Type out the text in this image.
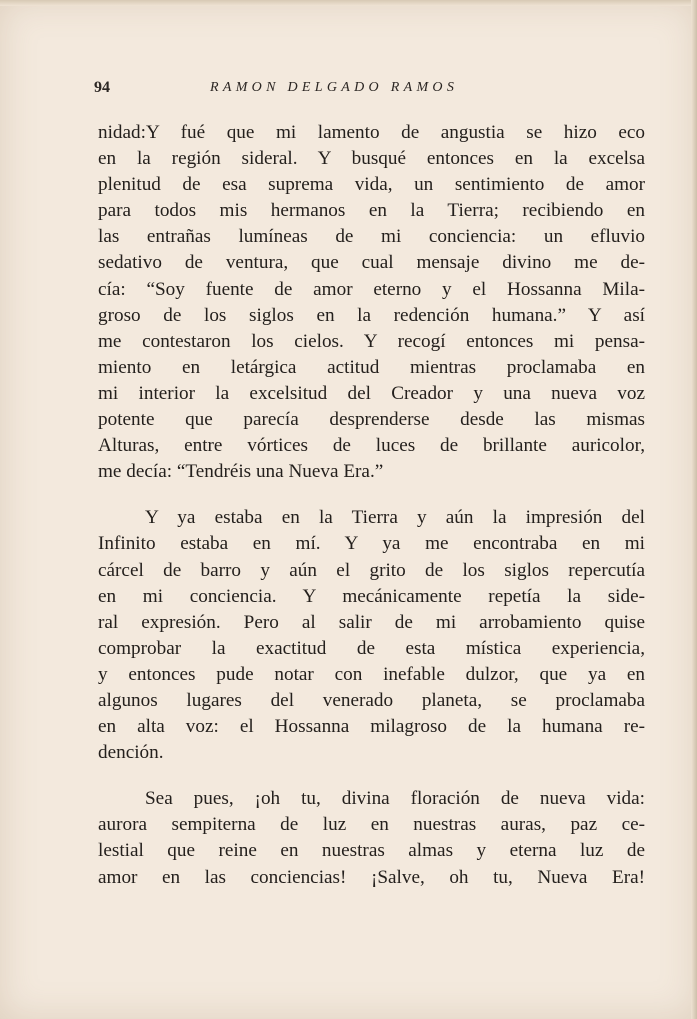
94	RAMON DELGADO RAMOS

nidad:Y fué que mi lamento de angustia se hizo eco
en la región sideral. Y busqué entonces en la excelsa
plenitud de esa suprema vida, un sentimiento de amor
para todos mis hermanos en la Tierra; recibiendo en
las entrañas lumíneas de mi conciencia: un efluvio
sedativo de ventura, que cual mensaje divino me de-
cía: “Soy fuente de amor eterno y el Hossanna Mila-
groso de los siglos en la redención humana.” Y así
me contestaron los cielos. Y recogí entonces mi pensa-
miento en letárgica actitud mientras proclamaba en
mi interior la excelsitud del Creador y una nueva voz
potente que parecía desprenderse desde las mismas
Alturas, entre vórtices de luces de brillante auricolor,
me decía: “Tendréis una Nueva Era.”

Y ya estaba en la Tierra y aún la impresión del
Infinito estaba en mí. Y ya me encontraba en mi
cárcel de barro y aún el grito de los siglos repercutía
en mi conciencia. Y mecánicamente repetía la side-
ral expresión. Pero al salir de mi arrobamiento quise
comprobar la exactitud de esta mística experiencia,
y entonces pude notar con inefable dulzor, que ya en
algunos lugares del venerado planeta, se proclamaba
en alta voz: el Hossanna milagroso de la humana re-
dención.

Sea pues, ¡oh tu, divina floración de nueva vida:
aurora sempiterna de luz en nuestras auras, paz ce-
lestial que reine en nuestras almas y eterna luz de
amor en las conciencias! ¡Salve, oh tu, Nueva Era!
